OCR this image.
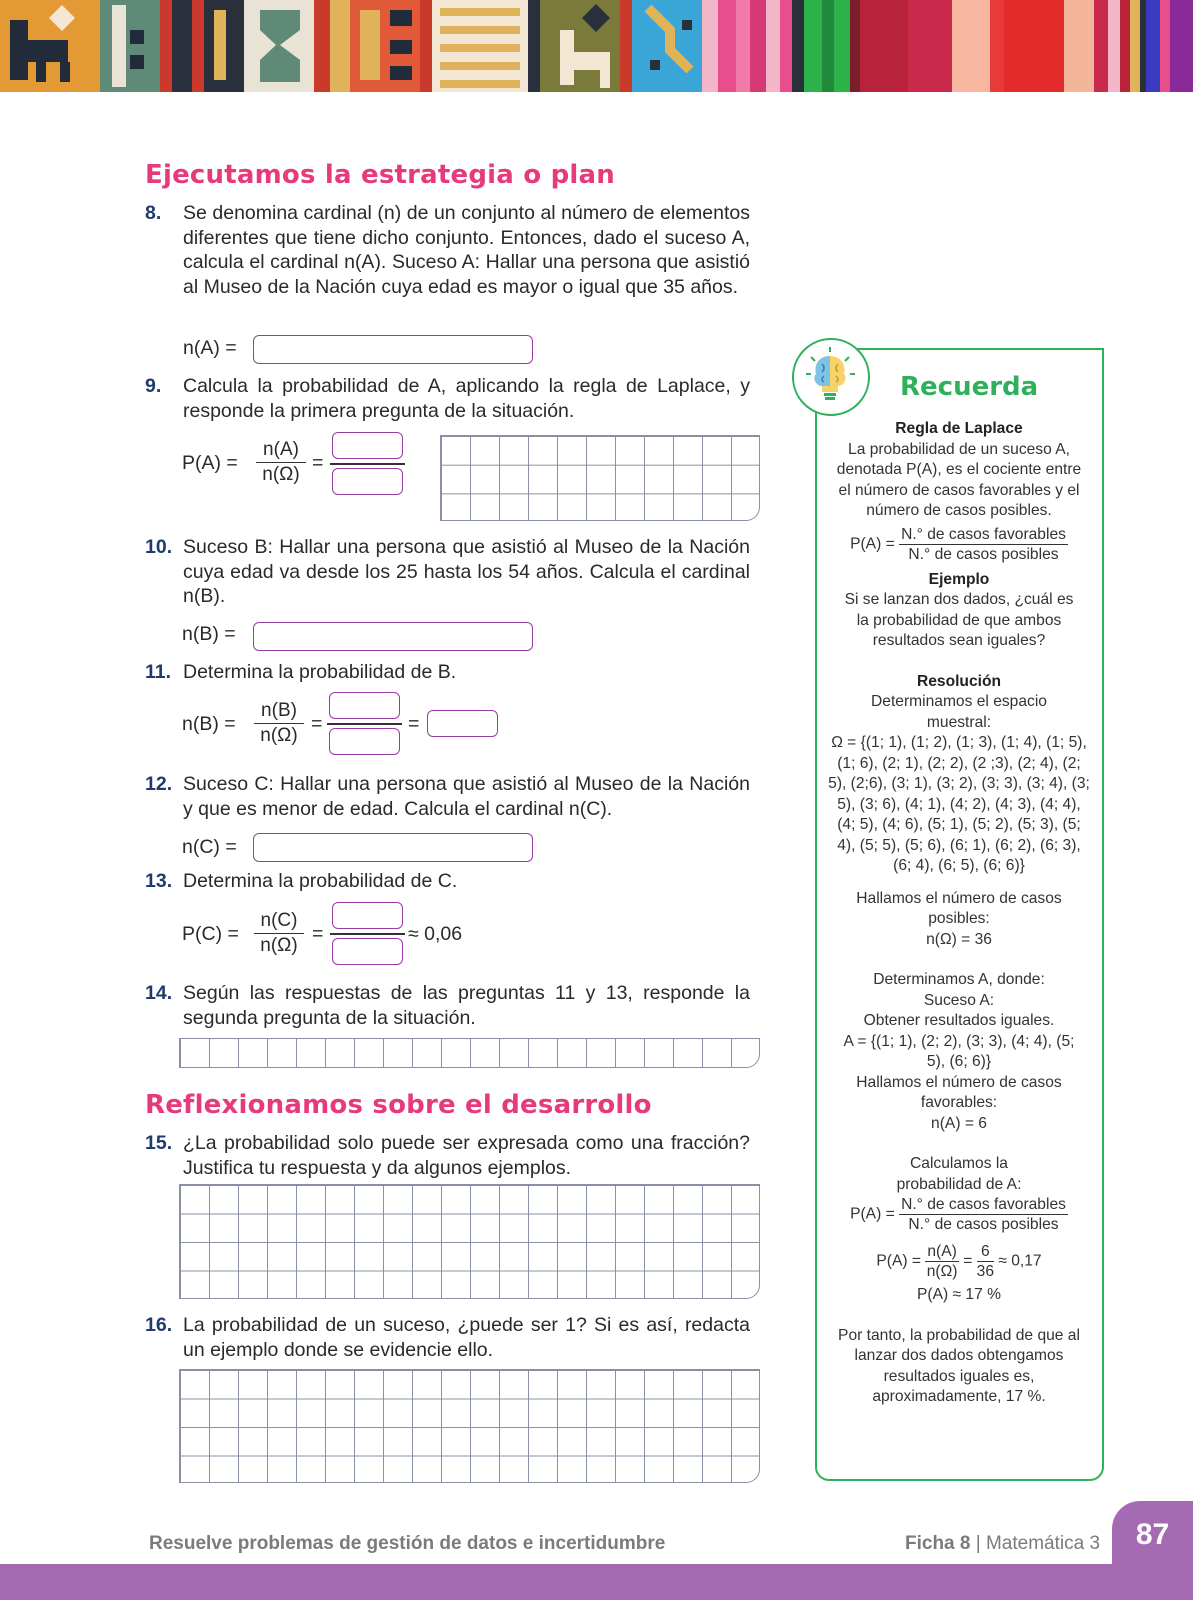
Ejecutamos la estrategia o plan
8. Se denomina cardinal (n) de un conjunto al número de elementos diferentes que tiene dicho conjunto. Entonces, dado el suceso A, calcula el cardinal n(A). Suceso A: Hallar una persona que asistió al Museo de la Nación cuya edad es mayor o igual que 35 años.
n(A) =
9. Calcula la probabilidad de A, aplicando la regla de Laplace, y responde la primera pregunta de la situación.
$P(A) = \frac{n(A)}{n(\Omega)}$ =
10. Suceso B: Hallar una persona que asistió al Museo de la Nación cuya edad va desde los 25 hasta los 54 años. Calcula el cardinal n(B).
n(B) =
11. Determina la probabilidad de B.
$n(B) = \frac{n(B)}{n(\Omega)}$ =	=
12. Suceso C: Hallar una persona que asistió al Museo de la Nación y que es menor de edad. Calcula el cardinal n(C).
n(C) =
13. Determina la probabilidad de C.
$P(C) = \frac{n(C)}{n(\Omega)}$ =	≈ 0,06
14. Según las respuestas de las preguntas 11 y 13, responde la segunda pregunta de la situación.
Reflexionamos sobre el desarrollo
15. ¿La probabilidad solo puede ser expresada como una fracción? Justifica tu respuesta y da algunos ejemplos.
16. La probabilidad de un suceso, ¿puede ser 1? Si es así, redacta un ejemplo donde se evidencie ello.
Recuerda
Regla de Laplace
La probabilidad de un suceso A, denotada P(A), es el cociente entre el número de casos favorables y el número de casos posibles.
P(A) =
N.° de casos favorables
N.° de casos posibles
Ejemplo
Si se lanzan dos dados, ¿cuál es la probabilidad de que ambos resultados sean iguales?
Resolución
Determinamos el espacio muestral:
Ω = {(1; 1), (1; 2), (1; 3), (1; 4), (1; 5), (1; 6), (2; 1), (2; 2), (2 ;3), (2; 4), (2; 5), (2;6), (3; 1), (3; 2), (3; 3), (3; 4), (3; 5), (3; 6), (4; 1), (4; 2), (4; 3), (4; 4), (4; 5), (4; 6), (5; 1), (5; 2), (5; 3), (5; 4), (5; 5), (5; 6), (6; 1), (6; 2), (6; 3), (6; 4), (6; 5), (6; 6)}
Hallamos el número de casos posibles:
n(Ω) = 36
Determinamos A, donde:
Suceso A:
Obtener resultados iguales.
A = {(1; 1), (2; 2), (3; 3), (4; 4), (5; 5), (6; 6)}
Hallamos el número de casos favorables:
n(A) = 6
Calculamos la probabilidad de A:
P(A) =
N.° de casos favorables
N.° de casos posibles
$P(A) = \frac{n(A)}{n(\Omega)} = \frac{6}{36} \approx 0,17$
P(A) ≈ 17 %
Por tanto, la probabilidad de que al lanzar dos dados obtengamos resultados iguales es, aproximadamente, 17 %.
Resuelve problemas de gestión de datos e incertidumbre	Ficha 8 | Matemática 3	87
